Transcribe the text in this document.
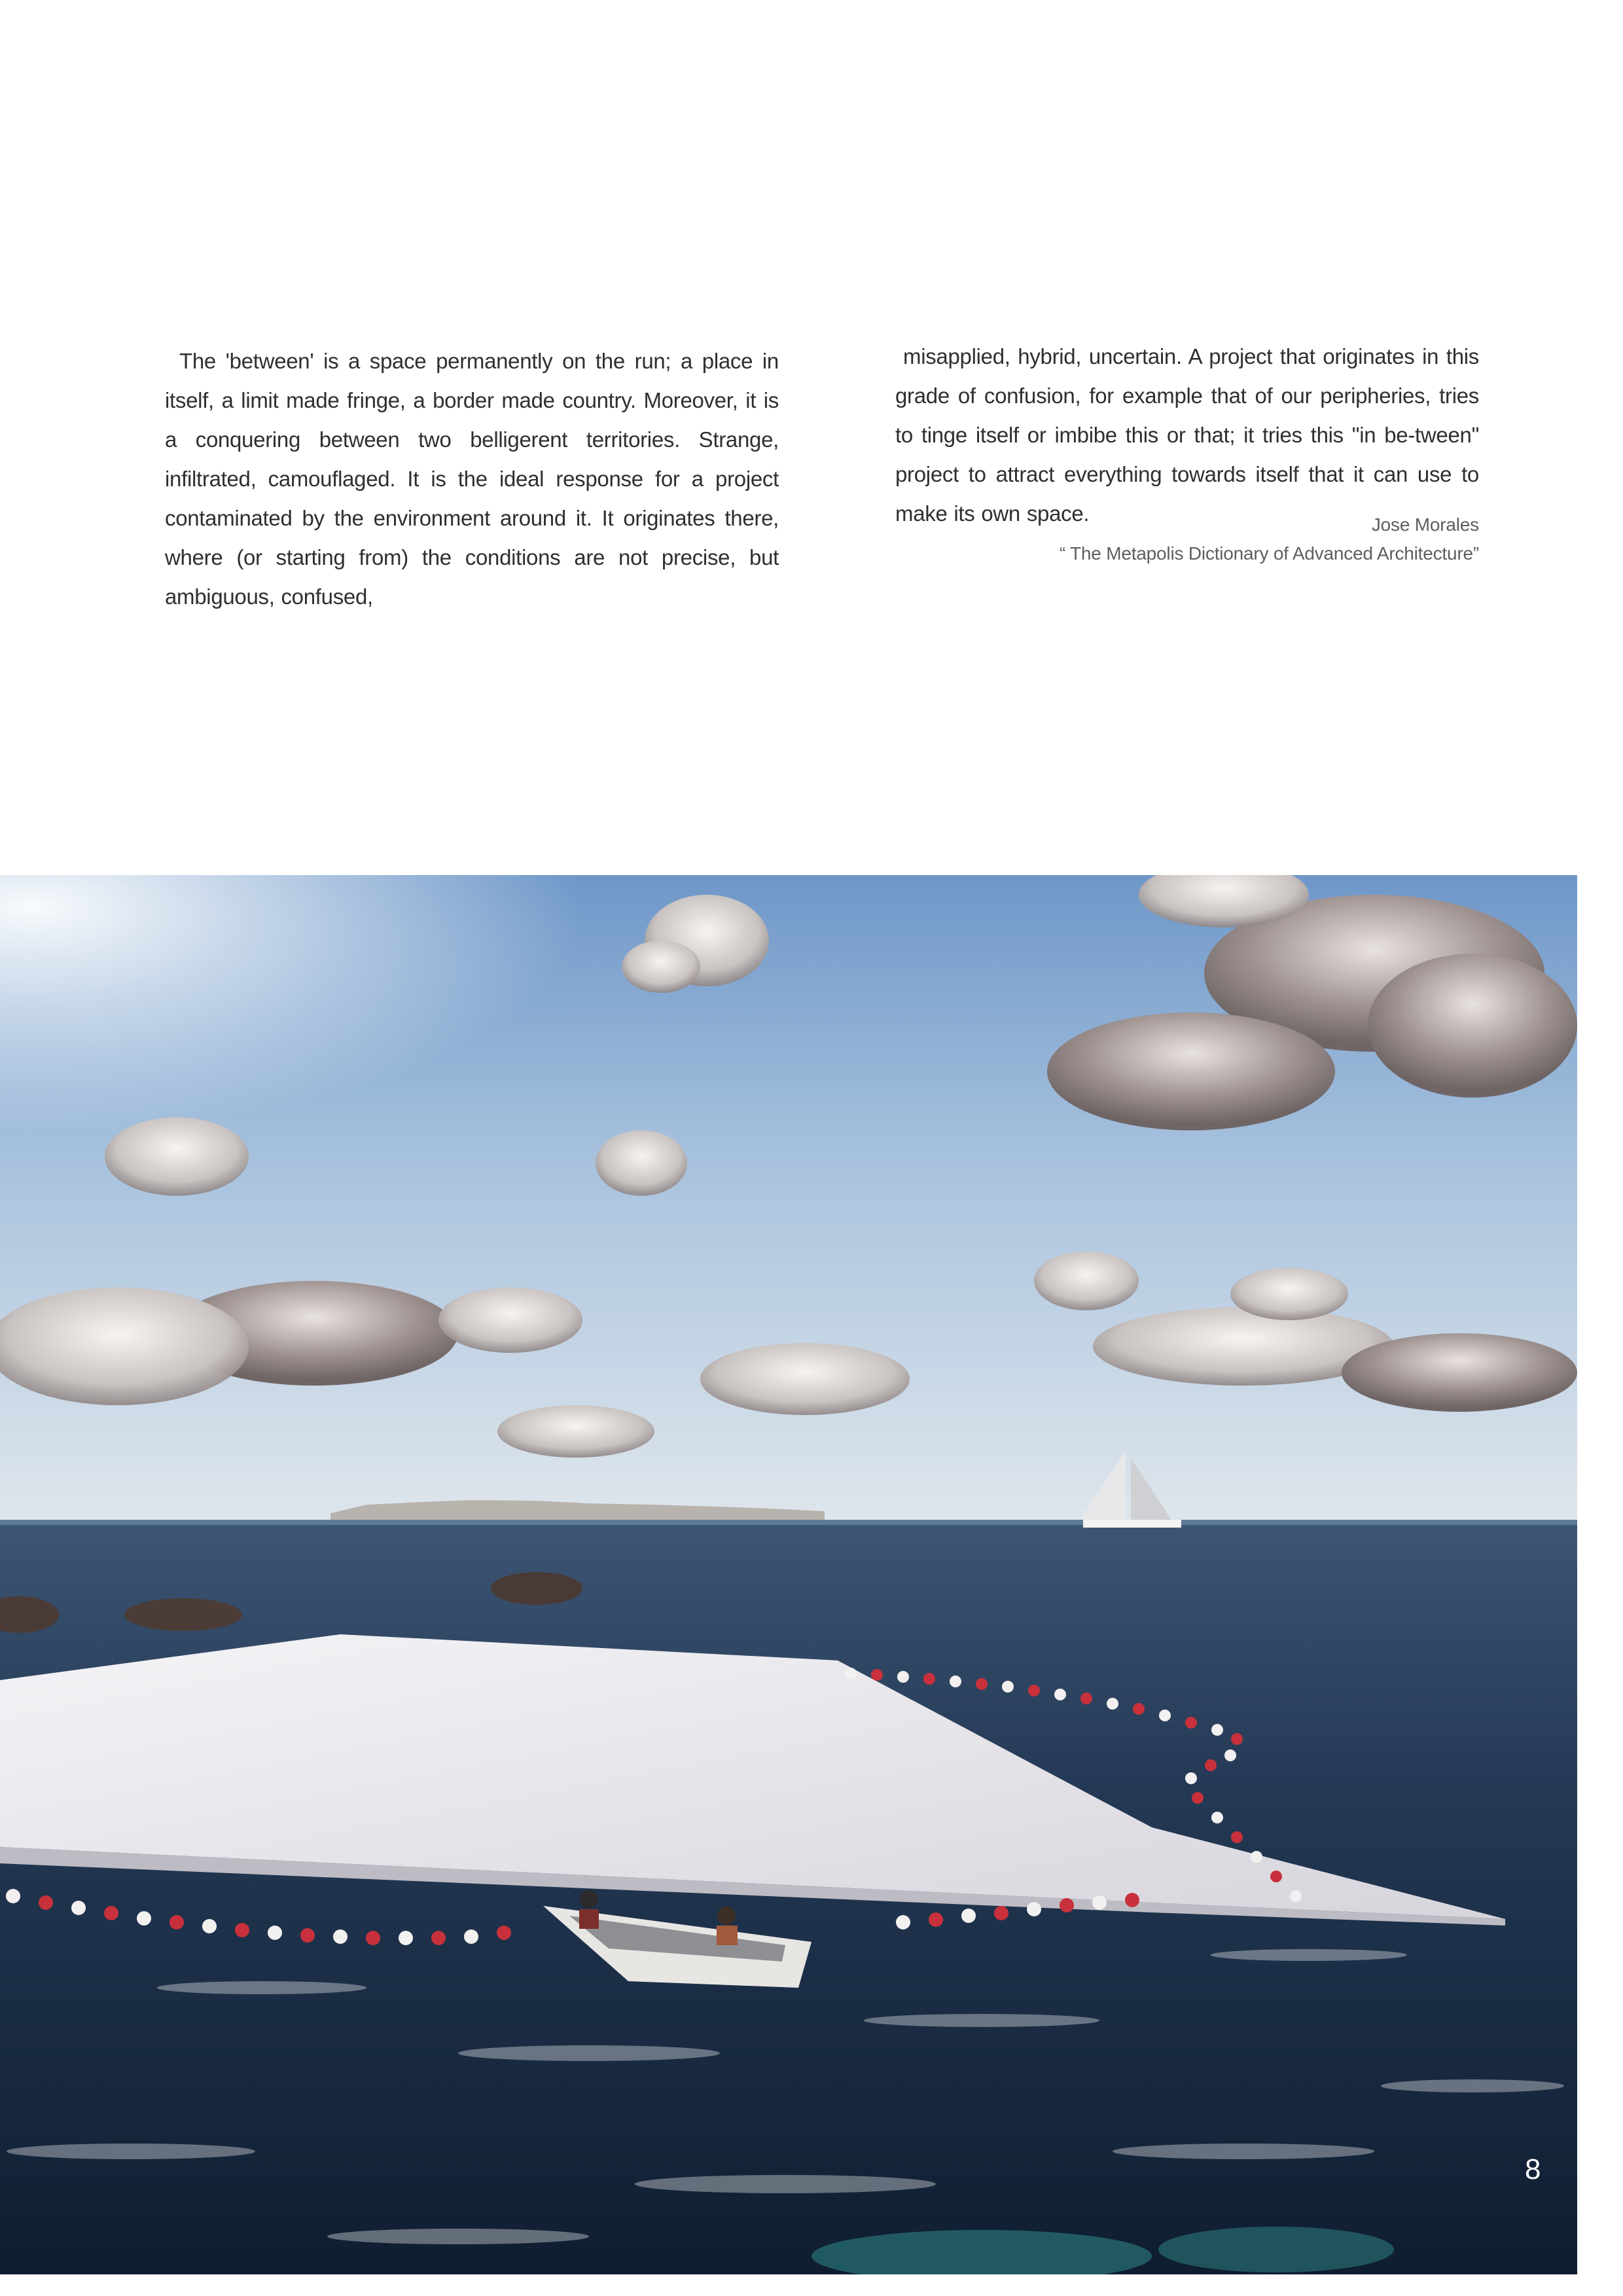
The 'between' is a space permanently on the run; a place in itself, a limit made fringe, a border made country. Moreover, it is a conquering between two belligerent territories. Strange, infiltrated, camouflaged. It is the ideal response for a project contaminated by the environment around it. It originates there, where (or starting from) the conditions are not precise, but ambiguous, confused,

misapplied, hybrid, uncertain. A project that originates in this grade of confusion, for example that of our peripheries, tries to tinge itself or imbibe this or that; it tries this "in be-tween" project to attract everything towards itself that it can use to make its own space.	Jose Morales
“ The Metapolis Dictionary of Advanced Architecture”
8
